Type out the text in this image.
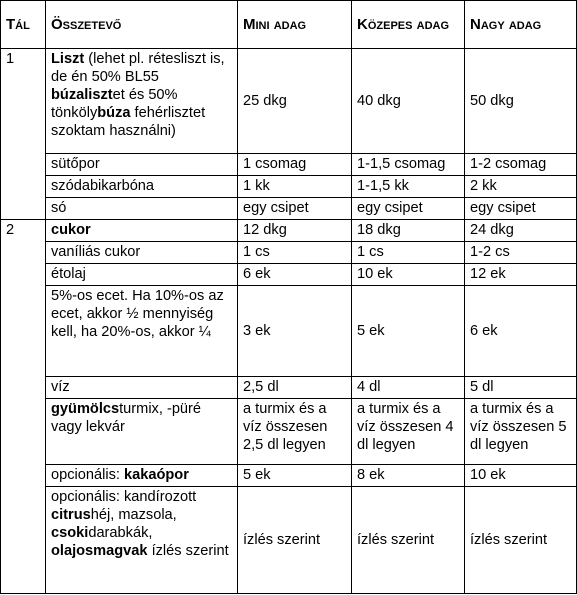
Tál	Összetevő	Mini adag	Közepes adag	Nagy adag
1	Liszt (lehet pl. rétesliszt is, de én 50% BL55 búzalisztet és 50% tönkölybúza fehérlisztet szoktam használni)	25 dkg	40 dkg	50 dkg
	sütőpor	1 csomag	1-1,5 csomag	1-2 csomag
	szódabikarbóna	1 kk	1-1,5 kk	2 kk
	só	egy csipet	egy csipet	egy csipet
2	cukor	12 dkg	18 dkg	24 dkg
	vaníliás cukor	1 cs	1 cs	1-2 cs
	étolaj	6 ek	10 ek	12 ek
	5%-os ecet. Ha 10%-os az ecet, akkor ½ mennyiség kell, ha 20%-os, akkor ¼	3 ek	5 ek	6 ek
	víz	2,5 dl	4 dl	5 dl
	gyümölcsturmix, -püré vagy lekvár	a turmix és a víz összesen 2,5 dl legyen	a turmix és a víz összesen 4 dl legyen	a turmix és a víz összesen 5 dl legyen
	opcionális: kakaópor	5 ek	8 ek	10 ek
	opcionális: kandírozott citrushéj, mazsola, csokidarabkák, olajosmagvak ízlés szerint	ízlés szerint	ízlés szerint	ízlés szerint
